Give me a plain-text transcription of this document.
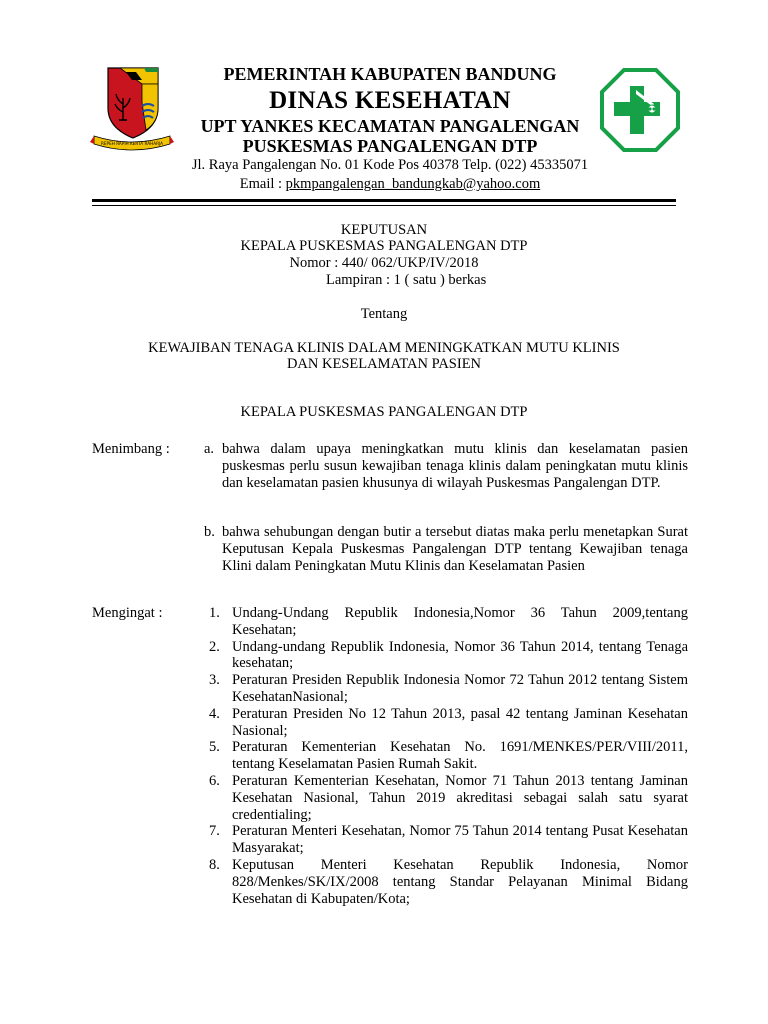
REPEH RAPIH KERTA RAHARJA
PEMERINTAH KABUPATEN BANDUNG
DINAS KESEHATAN
UPT YANKES KECAMATAN PANGALENGAN
PUSKESMAS PANGALENGAN DTP
Jl. Raya Pangalengan No. 01 Kode Pos 40378 Telp. (022) 45335071
Email : pkmpangalengan_bandungkab@yahoo.com
KEPUTUSAN
KEPALA PUSKESMAS PANGALENGAN DTP
Nomor : 440/ 062/UKP/IV/2018
Lampiran : 1 ( satu ) berkas
Tentang
KEWAJIBAN TENAGA KLINIS DALAM MENINGKATKAN MUTU KLINIS
DAN KESELAMATAN PASIEN
KEPALA PUSKESMAS PANGALENGAN DTP
Menimbang : a. bahwa dalam upaya meningkatkan mutu klinis dan keselamatan pasien puskesmas perlu susun kewajiban tenaga klinis dalam peningkatan mutu klinis dan keselamatan pasien khusunya di wilayah Puskesmas Pangalengan DTP.
b. bahwa sehubungan dengan butir a tersebut diatas maka perlu menetapkan Surat Keputusan Kepala Puskesmas Pangalengan DTP tentang Kewajiban tenaga Klini dalam Peningkatan Mutu Klinis dan Keselamatan Pasien
Mengingat :	1. Undang-Undang Republik Indonesia,Nomor 36 Tahun 2009,tentang Kesehatan;
2. Undang-undang Republik Indonesia, Nomor 36 Tahun 2014, tentang Tenaga kesehatan;
3. Peraturan Presiden Republik Indonesia Nomor 72 Tahun 2012 tentang Sistem KesehatanNasional;
4. Peraturan Presiden No 12 Tahun 2013, pasal 42 tentang Jaminan Kesehatan Nasional;
5. Peraturan Kementerian Kesehatan No. 1691/MENKES/PER/VIII/2011, tentang Keselamatan Pasien Rumah Sakit.
6. Peraturan Kementerian Kesehatan, Nomor 71 Tahun 2013 tentang Jaminan Kesehatan Nasional, Tahun 2019 akreditasi sebagai salah satu syarat credentialing;
7. Peraturan Menteri Kesehatan, Nomor 75 Tahun 2014 tentang Pusat Kesehatan Masyarakat;
8. Keputusan Menteri Kesehatan Republik Indonesia, Nomor 828/Menkes/SK/IX/2008 tentang Standar Pelayanan Minimal Bidang Kesehatan di Kabupaten/Kota;
